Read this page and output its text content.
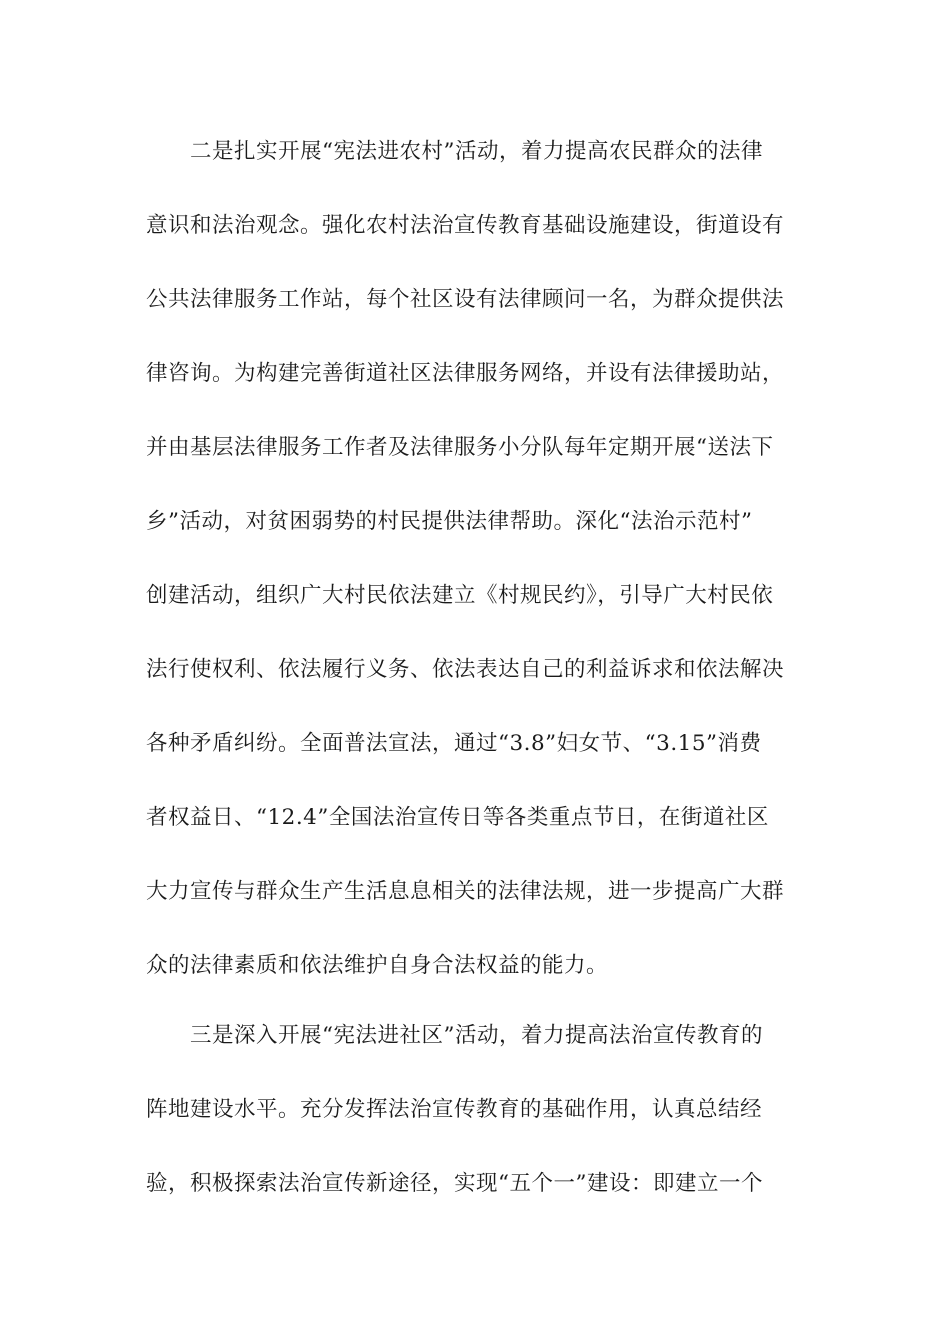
二是扎实开展“宪法进农村”活动，着力提高农民群众的法律
意识和法治观念。强化农村法治宣传教育基础设施建设，街道设有
公共法律服务工作站，每个社区设有法律顾问一名，为群众提供法
律咨询。为构建完善街道社区法律服务网络，并设有法律援助站，
并由基层法律服务工作者及法律服务小分队每年定期开展“送法下
乡”活动，对贫困弱势的村民提供法律帮助。深化“法治示范村”
创建活动，组织广大村民依法建立《村规民约》，引导广大村民依
法行使权利、依法履行义务、依法表达自己的利益诉求和依法解决
各种矛盾纠纷。全面普法宣法，通过“3.8”妇女节、“3.15”消费
者权益日、“12.4”全国法治宣传日等各类重点节日，在街道社区
大力宣传与群众生产生活息息相关的法律法规，进一步提高广大群
众的法律素质和依法维护自身合法权益的能力。
三是深入开展“宪法进社区”活动，着力提高法治宣传教育的
阵地建设水平。充分发挥法治宣传教育的基础作用，认真总结经
验，积极探索法治宣传新途径，实现“五个一”建设：即建立一个
